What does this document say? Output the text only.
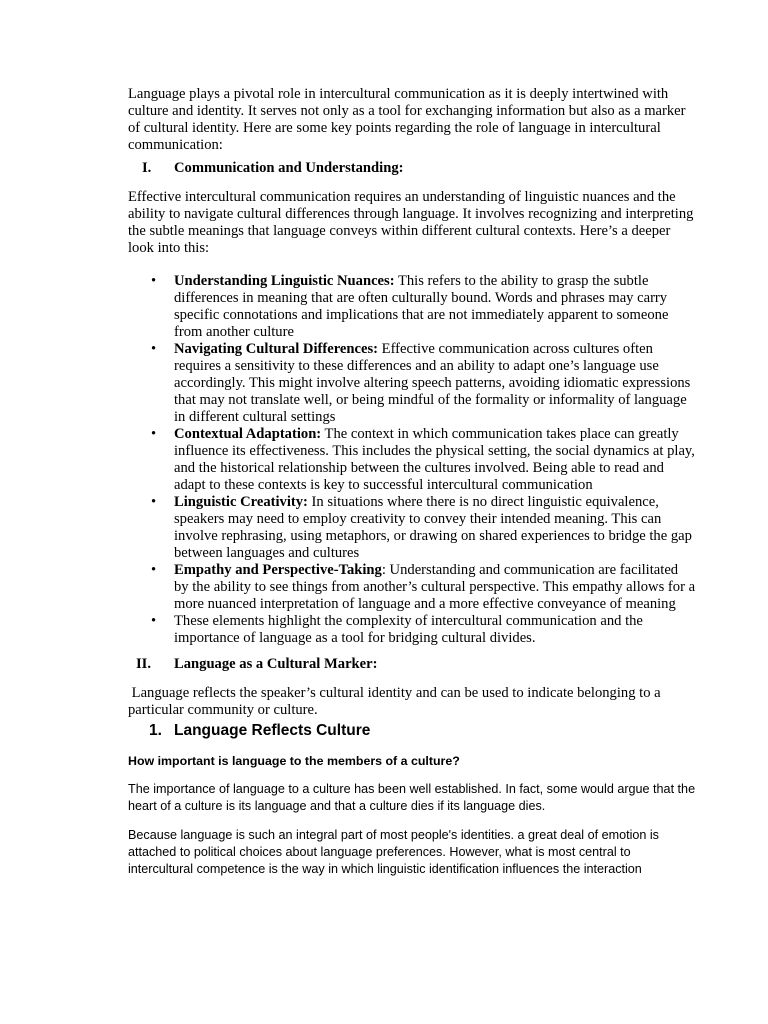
Language plays a pivotal role in intercultural communication as it is deeply intertwined with culture and identity. It serves not only as a tool for exchanging information but also as a marker of cultural identity. Here are some key points regarding the role of language in intercultural communication:

I.	Communication and Understanding:

Effective intercultural communication requires an understanding of linguistic nuances and the ability to navigate cultural differences through language. It involves recognizing and interpreting the subtle meanings that language conveys within different cultural contexts. Here’s a deeper look into this:

• Understanding Linguistic Nuances: This refers to the ability to grasp the subtle differences in meaning that are often culturally bound. Words and phrases may carry specific connotations and implications that are not immediately apparent to someone from another culture
• Navigating Cultural Differences: Effective communication across cultures often requires a sensitivity to these differences and an ability to adapt one’s language use accordingly. This might involve altering speech patterns, avoiding idiomatic expressions that may not translate well, or being mindful of the formality or informality of language in different cultural settings
• Contextual Adaptation: The context in which communication takes place can greatly influence its effectiveness. This includes the physical setting, the social dynamics at play, and the historical relationship between the cultures involved. Being able to read and adapt to these contexts is key to successful intercultural communication
• Linguistic Creativity: In situations where there is no direct linguistic equivalence, speakers may need to employ creativity to convey their intended meaning. This can involve rephrasing, using metaphors, or drawing on shared experiences to bridge the gap between languages and cultures
• Empathy and Perspective-Taking: Understanding and communication are facilitated by the ability to see things from another’s cultural perspective. This empathy allows for a more nuanced interpretation of language and a more effective conveyance of meaning
• These elements highlight the complexity of intercultural communication and the importance of language as a tool for bridging cultural divides.
II.	Language as a Cultural Marker:

Language reflects the speaker’s cultural identity and can be used to indicate belonging to a particular community or culture.

1. Language Reflects Culture

How important is language to the members of a culture?

The importance of language to a culture has been well established. In fact, some would argue that the heart of a culture is its language and that a culture dies if its language dies.

Because language is such an integral part of most people's identities. a great deal of emotion is attached to political choices about language preferences. However, what is most central to intercultural competence is the way in which linguistic identification influences the interaction
